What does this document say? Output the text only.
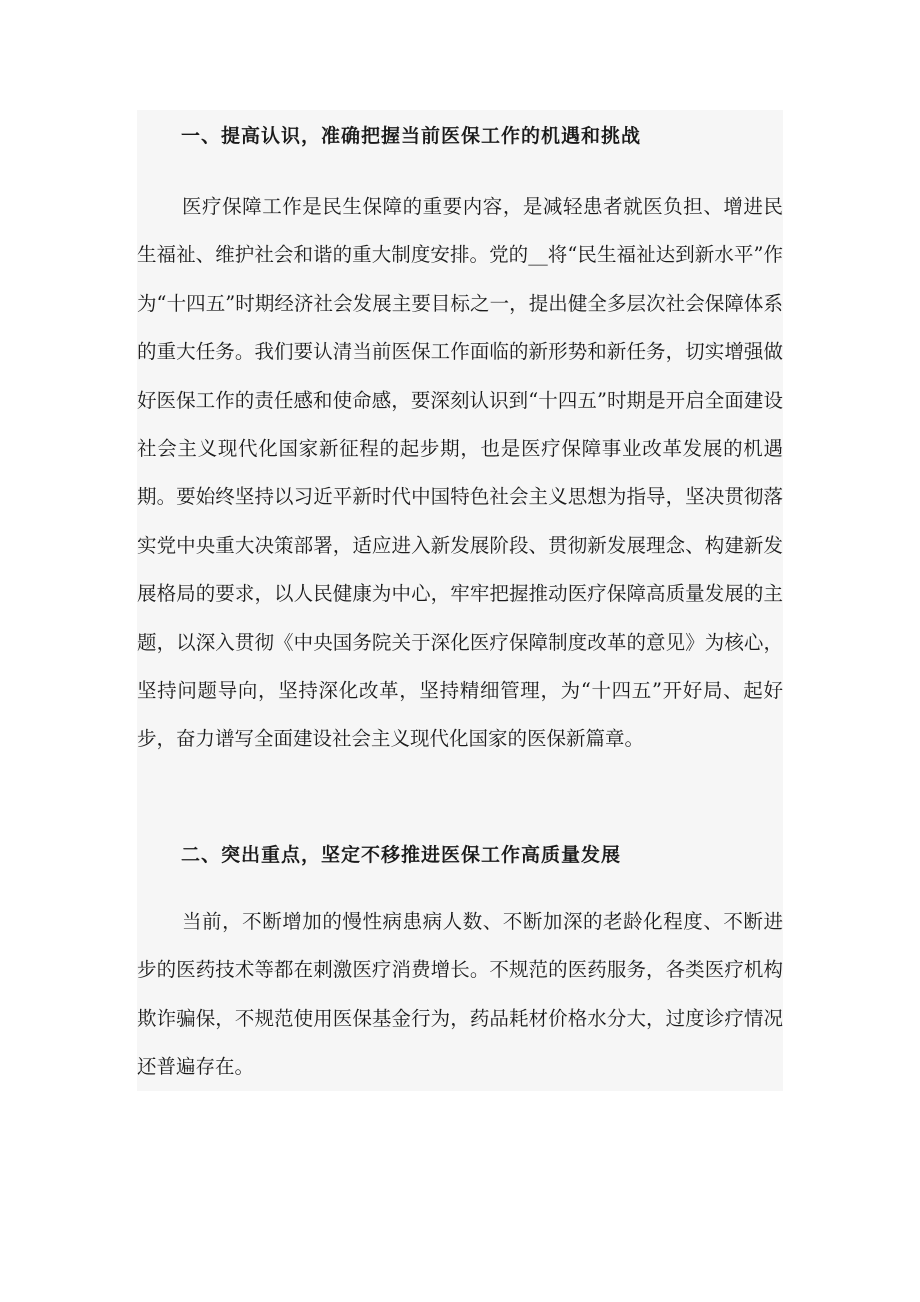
一、提高认识，准确把握当前医保工作的机遇和挑战

医疗保障工作是民生保障的重要内容，是减轻患者就医负担、增进民生福祉、维护社会和谐的重大制度安排。党的__将“民生福祉达到新水平”作为“十四五”时期经济社会发展主要目标之一，提出健全多层次社会保障体系的重大任务。我们要认清当前医保工作面临的新形势和新任务，切实增强做好医保工作的责任感和使命感，要深刻认识到“十四五”时期是开启全面建设社会主义现代化国家新征程的起步期，也是医疗保障事业改革发展的机遇期。要始终坚持以习近平新时代中国特色社会主义思想为指导，坚决贯彻落实党中央重大决策部署，适应进入新发展阶段、贯彻新发展理念、构建新发展格局的要求，以人民健康为中心，牢牢把握推动医疗保障高质量发展的主题，以深入贯彻《中央国务院关于深化医疗保障制度改革的意见》为核心，坚持问题导向，坚持深化改革，坚持精细管理，为“十四五”开好局、起好步，奋力谱写全面建设社会主义现代化国家的医保新篇章。

二、突出重点，坚定不移推进医保工作高质量发展

当前，不断增加的慢性病患病人数、不断加深的老龄化程度、不断进步的医药技术等都在刺激医疗消费增长。不规范的医药服务，各类医疗机构欺诈骗保，不规范使用医保基金行为，药品耗材价格水分大，过度诊疗情况还普遍存在。
